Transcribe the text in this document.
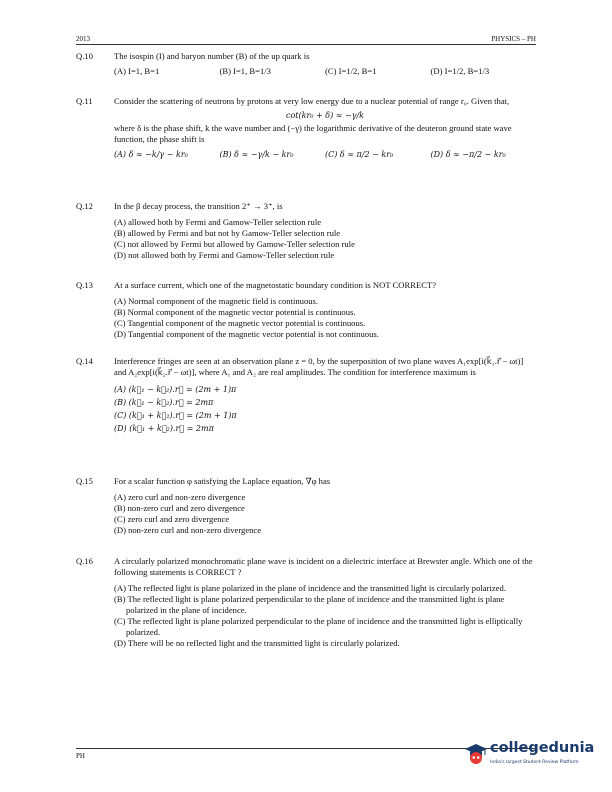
2013	PHYSICS – PH
Q.10 The isospin (I) and baryon number (B) of the up quark is
(A) I=1, B=1	(B) I=1, B=1/3	(C) I=1/2, B=1	(D) I=1/2, B=1/3
Q.11 Consider the scattering of neutrons by protons at very low energy due to a nuclear potential of range r₀. Given that,
cot(kr₀ + δ) ≈ −γ/k
where δ is the phase shift, k the wave number and (−γ) the logarithmic derivative of the deuteron ground state wave function, the phase shift is
(A) δ ≈ −k/γ − kr₀	(B) δ ≈ −γ/k − kr₀	(C) δ ≈ π/2 − kr₀	(D) δ ≈ −π/2 − kr₀
Q.12 In the β decay process, the transition 2⁺ → 3⁺, is
(A) allowed both by Fermi and Gamow-Teller selection rule
(B) allowed by Fermi and but not by Gamow-Teller selection rule
(C) not allowed by Fermi but allowed by Gamow-Teller selection rule
(D) not allowed both by Fermi and Gamow-Teller selection rule
Q.13 At a surface current, which one of the magnetostatic boundary condition is NOT CORRECT?
(A) Normal component of the magnetic field is continuous.
(B) Normal component of the magnetic vector potential is continuous.
(C) Tangential component of the magnetic vector potential is continuous.
(D) Tangential component of the magnetic vector potential is not continuous.
Q.14 Interference fringes are seen at an observation plane z = 0, by the superposition of two plane waves A₁exp[i(k⃗₁.r⃗ − ωt)] and A₂exp[i(k⃗₂.r⃗ − ωt)], where A₁ and A₂ are real amplitudes. The condition for interference maximum is
(A) (k⃗₁ − k⃗₂).r⃗ = (2m + 1)π
(B) (k⃗₁ − k⃗₂).r⃗ = 2mπ
(C) (k⃗₁ + k⃗₂).r⃗ = (2m + 1)π
(D) (k⃗₁ + k⃗₂).r⃗ = 2mπ
Q.15 For a scalar function φ satisfying the Laplace equation, ∇φ has
(A) zero curl and non-zero divergence
(B) non-zero curl and zero divergence
(C) zero curl and zero divergence
(D) non-zero curl and non-zero divergence
Q.16 A circularly polarized monochromatic plane wave is incident on a dielectric interface at Brewster angle. Which one of the following statements is CORRECT ?
(A) The reflected light is plane polarized in the plane of incidence and the transmitted light is circularly polarized.
(B) The reflected light is plane polarized perpendicular to the plane of incidence and the transmitted light is plane polarized in the plane of incidence.
(C) The reflected light is plane polarized perpendicular to the plane of incidence and the transmitted light is elliptically polarized.
(D) There will be no reflected light and the transmitted light is circularly polarized.
PH	collegedunia
India's largest Student Review Platform
